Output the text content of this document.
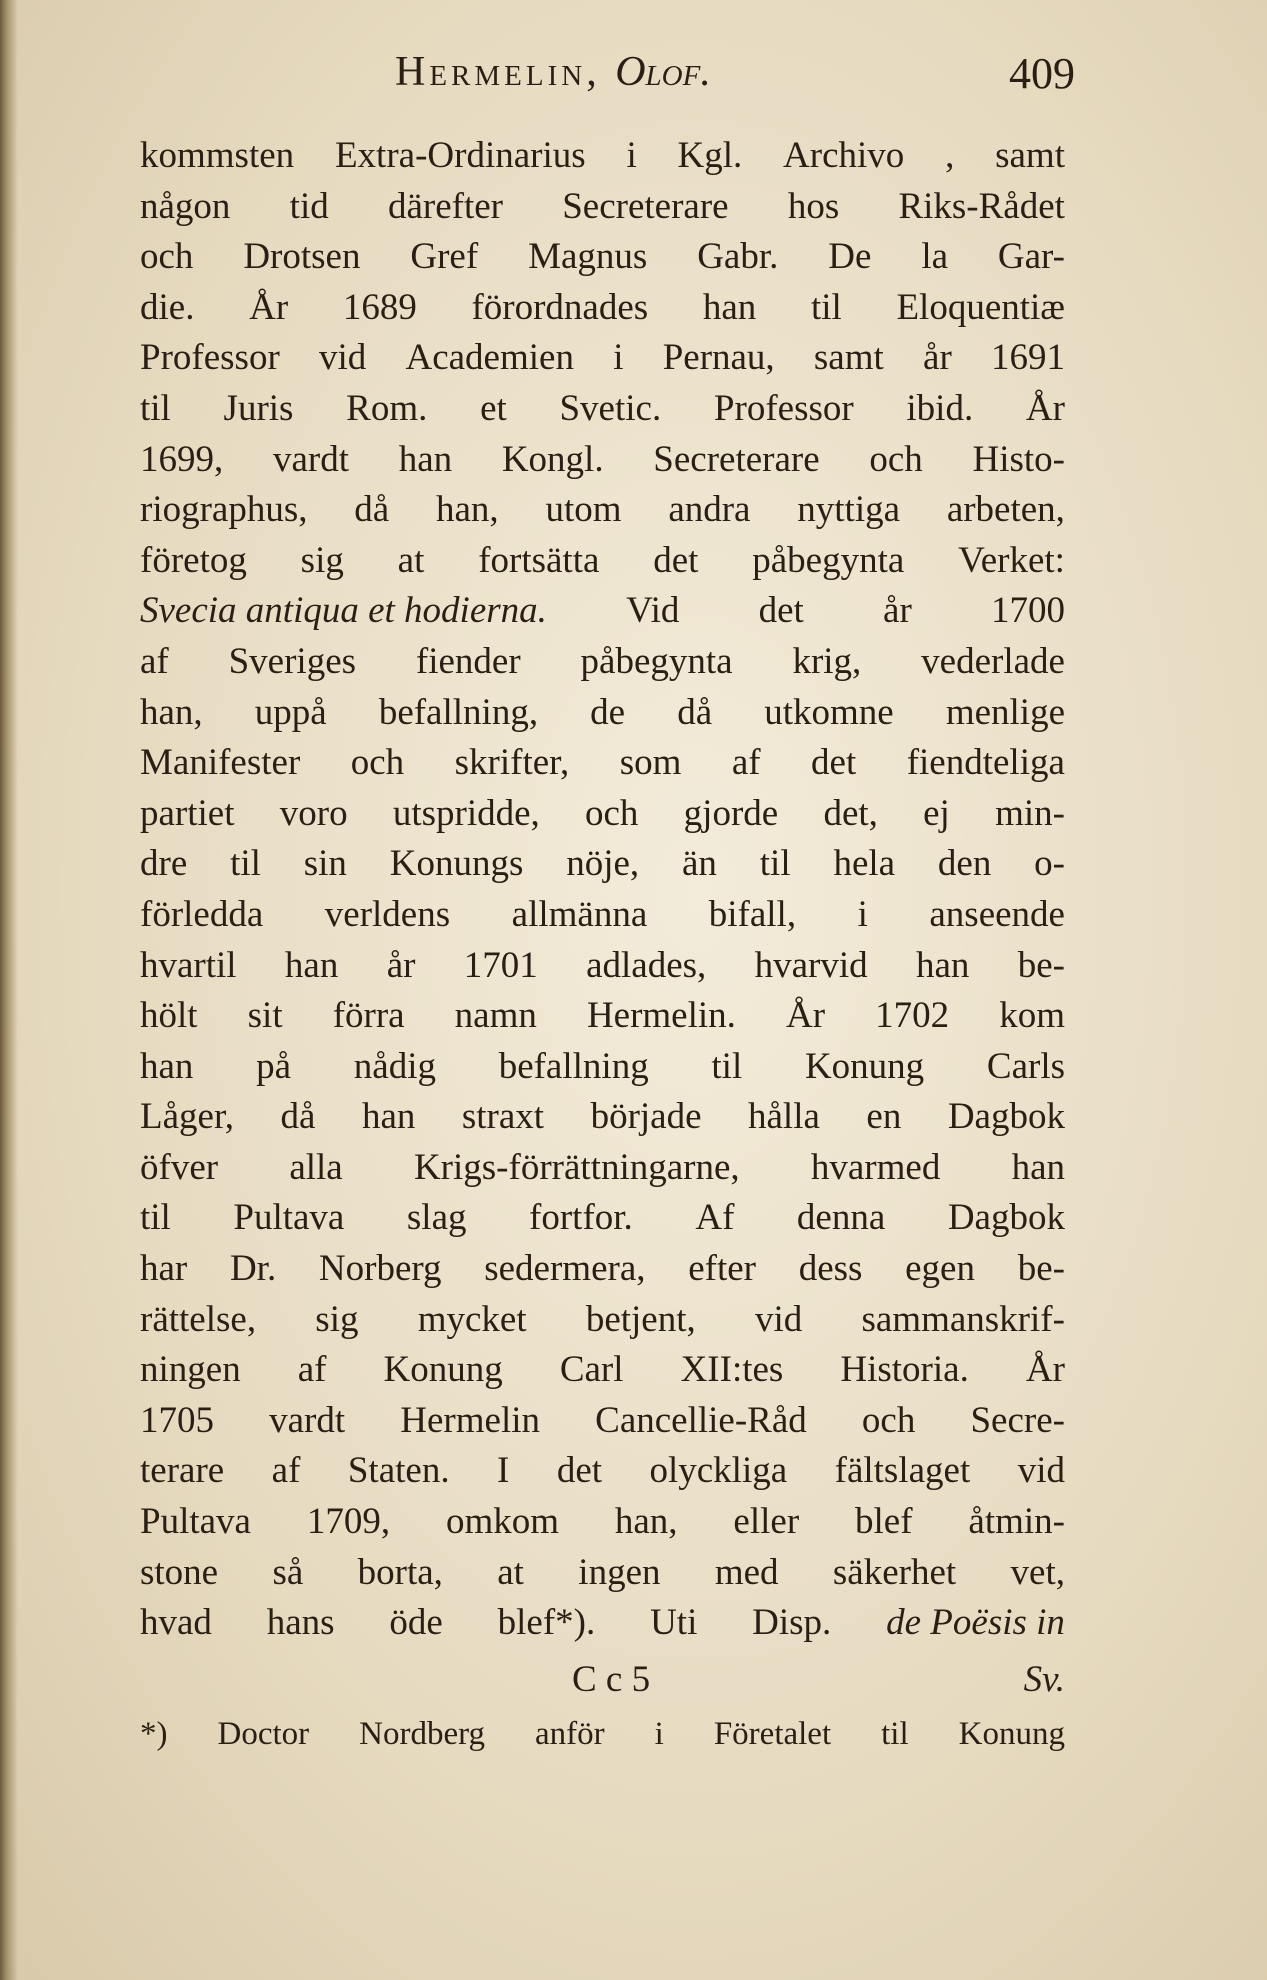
Hermelin, Olof.	409
kommsten Extra-Ordinarius i Kgl. Archivo , samt
någon tid därefter Secreterare hos Riks-Rådet
och Drotsen Gref Magnus Gabr. De la Gar-
die. År 1689 förordnades han til Eloquentiæ
Professor vid Academien i Pernau, samt år 1691
til Juris Rom. et Svetic. Professor ibid. År
1699, vardt han Kongl. Secreterare och Histo-
riographus, då han, utom andra nyttiga arbeten,
företog sig at fortsätta det påbegynta Verket:
Svecia antiqua et hodierna. Vid det år 1700
af Sveriges fiender påbegynta krig, vederlade
han, uppå befallning, de då utkomne menlige
Manifester och skrifter, som af det fiendteliga
partiet voro utspridde, och gjorde det, ej min-
dre til sin Konungs nöje, än til hela den o-
förledda verldens allmänna bifall, i anseende
hvartil han år 1701 adlades, hvarvid han be-
hölt sit förra namn Hermelin. År 1702 kom
han på nådig befallning til Konung Carls
Låger, då han straxt började hålla en Dagbok
öfver alla Krigs-förrättningarne, hvarmed han
til Pultava slag fortfor. Af denna Dagbok
har Dr. Norberg sedermera, efter dess egen be-
rättelse, sig mycket betjent, vid sammanskrif-
ningen af Konung Carl XII:tes Historia. År
1705 vardt Hermelin Cancellie-Råd och Secre-
terare af Staten. I det olyckliga fältslaget vid
Pultava 1709, omkom han, eller blef åtmin-
stone så borta, at ingen med säkerhet vet,
hvad hans öde blef*). Uti Disp. de Poësis in
C c 5	Sv.
*) Doctor Nordberg anför i Företalet til Konung
